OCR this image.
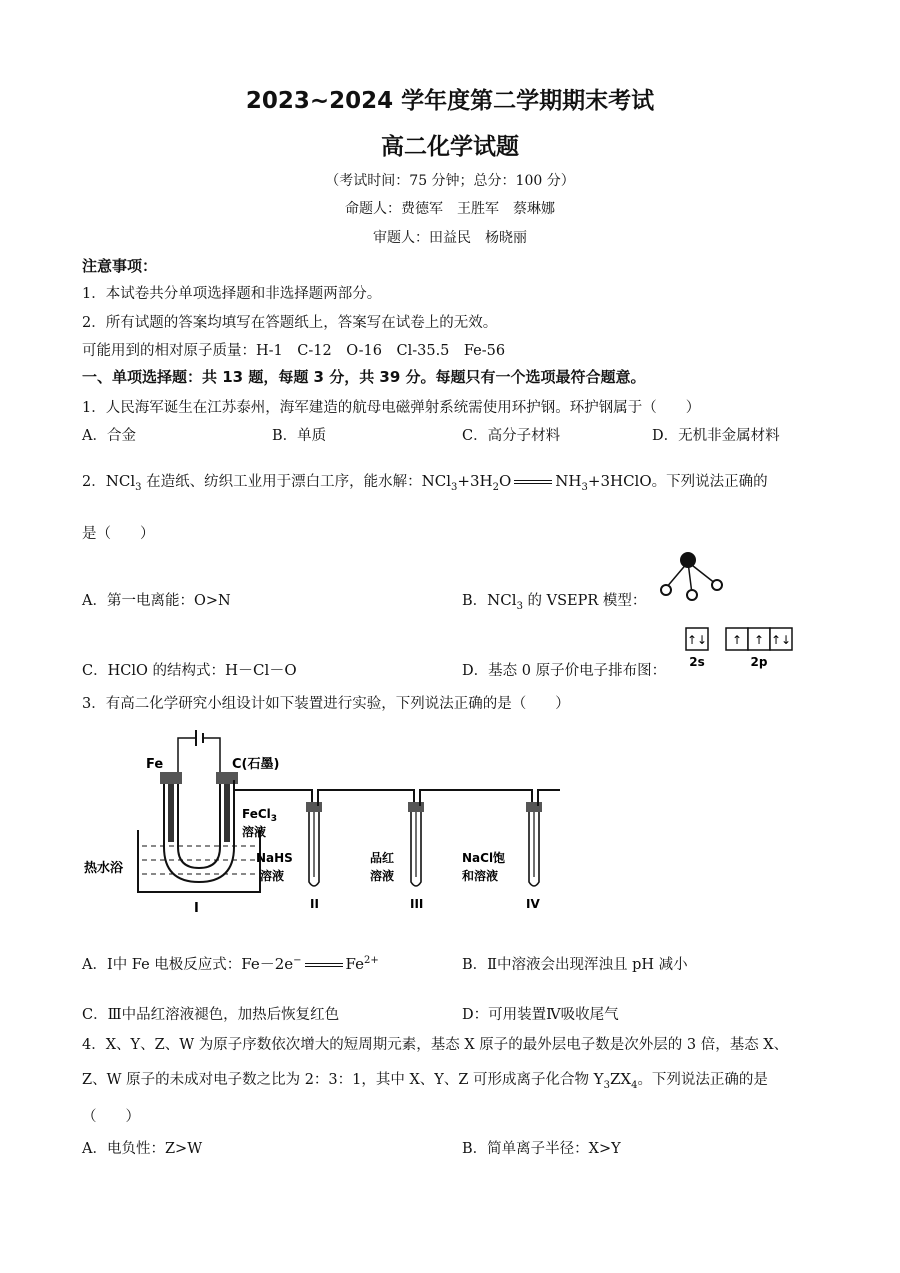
2023~2024 学年度第二学期期末考试
高二化学试题
（考试时间：75 分钟；总分：100 分）
命题人：费德军　王胜军　蔡琳娜
审题人：田益民　杨晓丽
注意事项：
1．本试卷共分单项选择题和非选择题两部分。
2．所有试题的答案均填写在答题纸上，答案写在试卷上的无效。
可能用到的相对原子质量：H-1　C-12　O-16　Cl-35.5　Fe-56
一、单项选择题：共 13 题，每题 3 分，共 39 分。每题只有一个选项最符合题意。
1．人民海军诞生在江苏泰州，海军建造的航母电磁弹射系统需使用环护钢。环护钢属于（　　）
A．合金	B．单质	C．高分子材料	D．无机非金属材料
2．NCl$_3$ 在造纸、纺织工业用于漂白工序，能水解：$NCl_3+3H_2O$	$NH_3+3HClO$。下列说法正确的
是（　　）
A．第一电离能：O>N	B．NCl$_3$ 的 VSEPR 模型：
C．HClO 的结构式：H－Cl－O	D．基态 0 原子价电子排布图：
↑↓ ↑ ↑ ↑↓
2s	2p
3．有高二化学研究小组设计如下装置进行实验，下列说法正确的是（　　）
Fe	C(石墨)
热水浴
I
FeCl$_3$
溶液
NaHS
溶液
II
品红
溶液
III
NaCl饱
和溶液
IV
A．Ⅰ中 Fe 电极反应式：Fe－2e−	$Fe^{2+}$	B．Ⅱ中溶液会出现浑浊且 pH 减小
C．Ⅲ中品红溶液褪色，加热后恢复红色	D：可用装置Ⅳ吸收尾气
4．X、Y、Z、W 为原子序数依次增大的短周期元素，基态 X 原子的最外层电子数是次外层的 3 倍，基态 X、
Z、W 原子的未成对电子数之比为 2：3：1，其中 X、Y、Z 可形成离子化合物 $Y_3ZX_4$。下列说法正确的是
（　　）
A．电负性：Z>W	B．简单离子半径：X>Y
